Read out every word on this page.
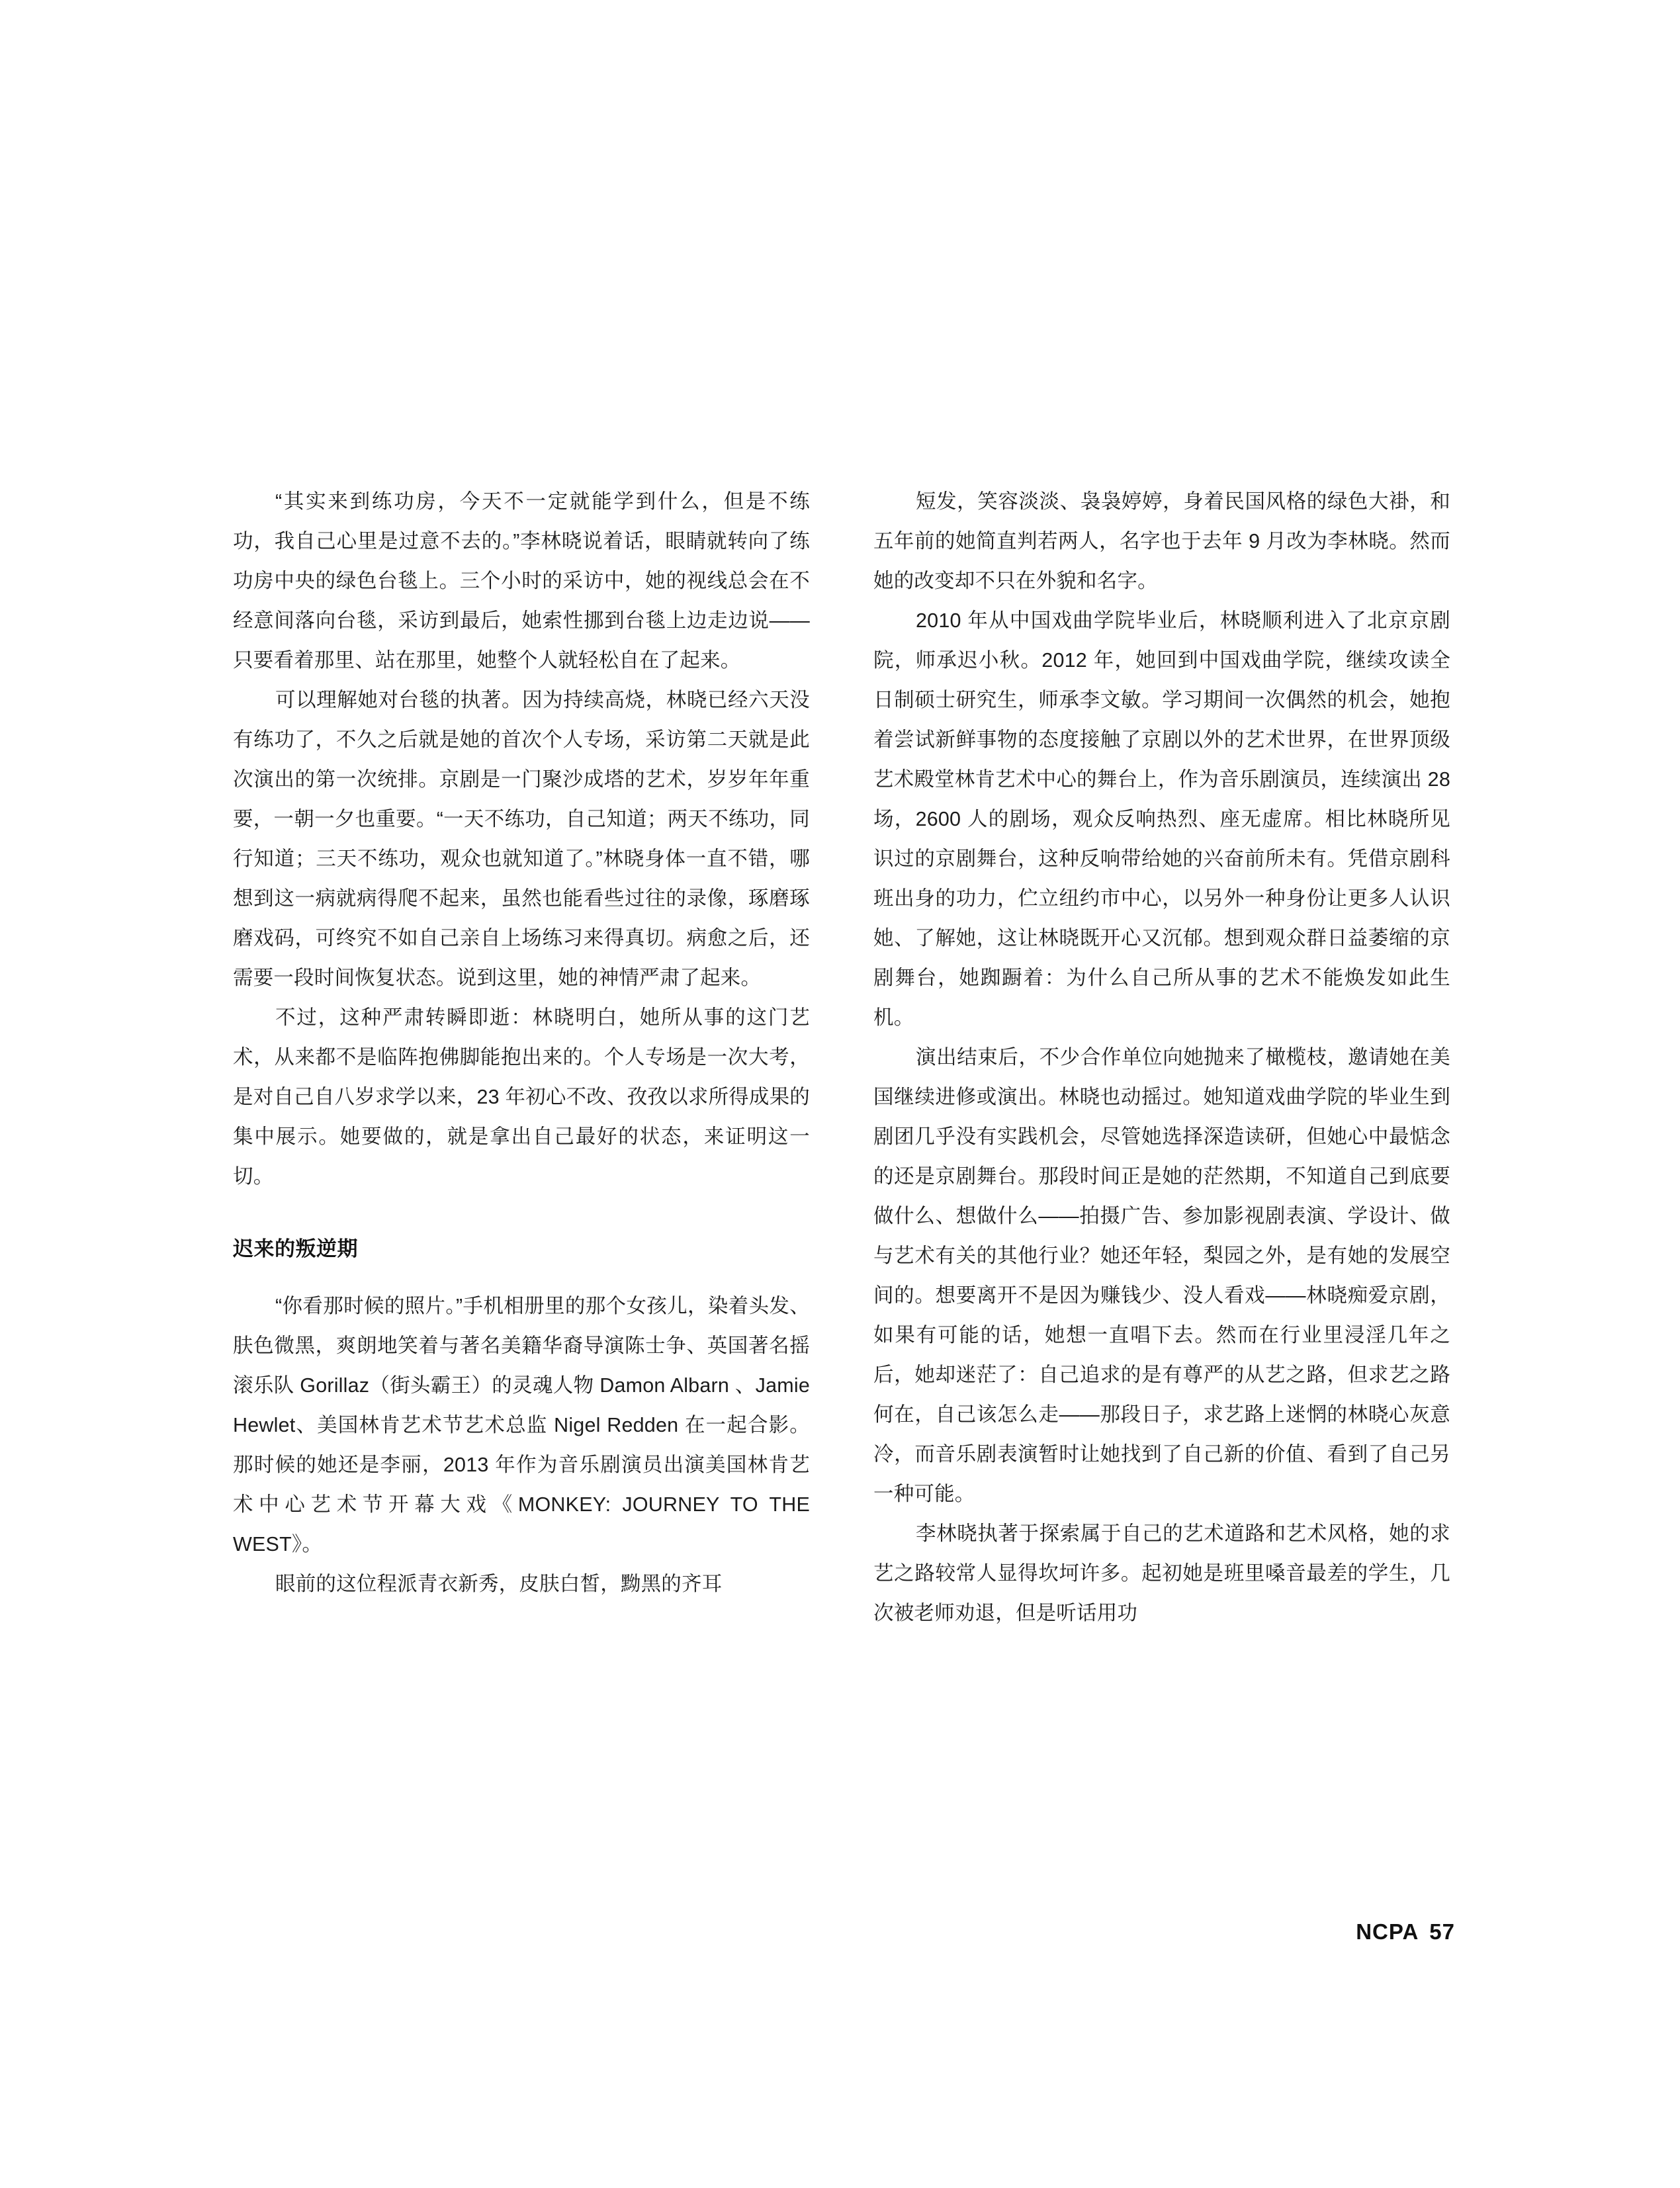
“其实来到练功房，今天不一定就能学到什么，但是不练功，我自己心里是过意不去的。”李林晓说着话，眼睛就转向了练功房中央的绿色台毯上。三个小时的采访中，她的视线总会在不经意间落向台毯，采访到最后，她索性挪到台毯上边走边说——只要看着那里、站在那里，她整个人就轻松自在了起来。

可以理解她对台毯的执著。因为持续高烧，林晓已经六天没有练功了，不久之后就是她的首次个人专场，采访第二天就是此次演出的第一次统排。京剧是一门聚沙成塔的艺术，岁岁年年重要，一朝一夕也重要。“一天不练功，自己知道；两天不练功，同行知道；三天不练功，观众也就知道了。”林晓身体一直不错，哪想到这一病就病得爬不起来，虽然也能看些过往的录像，琢磨琢磨戏码，可终究不如自己亲自上场练习来得真切。病愈之后，还需要一段时间恢复状态。说到这里，她的神情严肃了起来。

不过，这种严肃转瞬即逝：林晓明白，她所从事的这门艺术，从来都不是临阵抱佛脚能抱出来的。个人专场是一次大考，是对自己自八岁求学以来，23 年初心不改、孜孜以求所得成果的集中展示。她要做的，就是拿出自己最好的状态，来证明这一切。

迟来的叛逆期

“你看那时候的照片。”手机相册里的那个女孩儿，染着头发、肤色微黑，爽朗地笑着与著名美籍华裔导演陈士争、英国著名摇滚乐队 Gorillaz（街头霸王）的灵魂人物 Damon Albarn 、Jamie Hewlet、美国林肯艺术节艺术总监 Nigel Redden 在一起合影。那时候的她还是李丽，2013 年作为音乐剧演员出演美国林肯艺术中心艺术节开幕大戏《MONKEY: JOURNEY TO THE WEST》。

眼前的这位程派青衣新秀，皮肤白皙，黝黑的齐耳

短发，笑容淡淡、袅袅婷婷，身着民国风格的绿色大褂，和五年前的她简直判若两人，名字也于去年 9 月改为李林晓。然而她的改变却不只在外貌和名字。

2010 年从中国戏曲学院毕业后，林晓顺利进入了北京京剧院，师承迟小秋。2012 年，她回到中国戏曲学院，继续攻读全日制硕士研究生，师承李文敏。学习期间一次偶然的机会，她抱着尝试新鲜事物的态度接触了京剧以外的艺术世界，在世界顶级艺术殿堂林肯艺术中心的舞台上，作为音乐剧演员，连续演出 28 场，2600 人的剧场，观众反响热烈、座无虚席。相比林晓所见识过的京剧舞台，这种反响带给她的兴奋前所未有。凭借京剧科班出身的功力，伫立纽约市中心，以另外一种身份让更多人认识她、了解她，这让林晓既开心又沉郁。想到观众群日益萎缩的京剧舞台，她踟蹰着：为什么自己所从事的艺术不能焕发如此生机。

演出结束后，不少合作单位向她抛来了橄榄枝，邀请她在美国继续进修或演出。林晓也动摇过。她知道戏曲学院的毕业生到剧团几乎没有实践机会，尽管她选择深造读研，但她心中最惦念的还是京剧舞台。那段时间正是她的茫然期，不知道自己到底要做什么、想做什么——拍摄广告、参加影视剧表演、学设计、做与艺术有关的其他行业？她还年轻，梨园之外，是有她的发展空间的。想要离开不是因为赚钱少、没人看戏——林晓痴爱京剧，如果有可能的话，她想一直唱下去。然而在行业里浸淫几年之后，她却迷茫了：自己追求的是有尊严的从艺之路，但求艺之路何在，自己该怎么走——那段日子，求艺路上迷惘的林晓心灰意冷，而音乐剧表演暂时让她找到了自己新的价值、看到了自己另一种可能。

李林晓执著于探索属于自己的艺术道路和艺术风格，她的求艺之路较常人显得坎坷许多。起初她是班里嗓音最差的学生，几次被老师劝退，但是听话用功

NCPA 57
